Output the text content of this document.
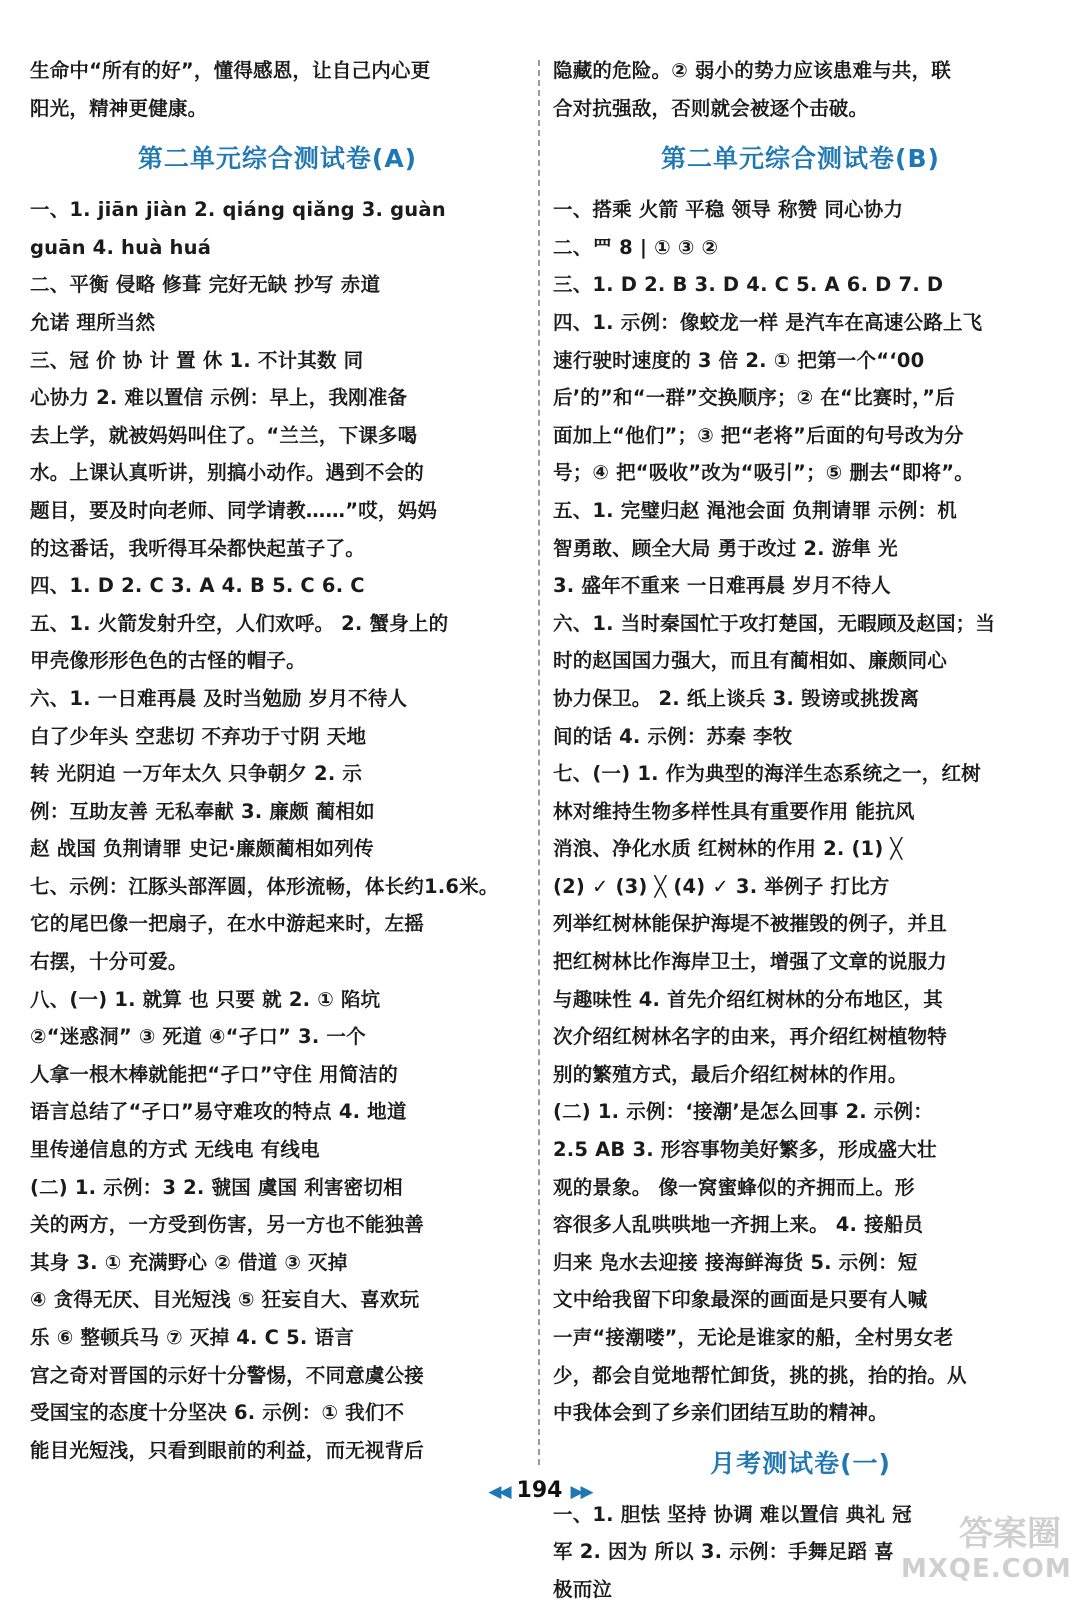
生命中“所有的好”，懂得感恩，让自己内心更
阳光，精神更健康。
第二单元综合测试卷(A)
一、1. jiān jiàn 2. qiáng qiǎng 3. guàn
guān 4. huà huá
二、平衡 侵略 修葺 完好无缺 抄写 赤道
允诺 理所当然
三、冠 价 协 计 置 休 1. 不计其数 同
心协力 2. 难以置信 示例：早上，我刚准备
去上学，就被妈妈叫住了。“兰兰，下课多喝
水。上课认真听讲，别搞小动作。遇到不会的
题目，要及时向老师、同学请教……”哎，妈妈
的这番话，我听得耳朵都快起茧子了。
四、1. D 2. C 3. A 4. B 5. C 6. C
五、1. 火箭发射升空，人们欢呼。 2. 蟹身上的
甲壳像形形色色的古怪的帽子。
六、1. 一日难再晨 及时当勉励 岁月不待人
白了少年头 空悲切 不弃功于寸阴 天地
转 光阴迫 一万年太久 只争朝夕 2. 示
例：互助友善 无私奉献 3. 廉颇 蔺相如
赵 战国 负荆请罪 史记·廉颇蔺相如列传
七、示例：江豚头部浑圆，体形流畅，体长约1.6米。
它的尾巴像一把扇子，在水中游起来时，左摇
右摆，十分可爱。
八、(一) 1. 就算 也 只要 就 2. ① 陷坑
②“迷惑洞” ③ 死道 ④“孑口” 3. 一个
人拿一根木棒就能把“孑口”守住 用简洁的
语言总结了“孑口”易守难攻的特点 4. 地道
里传递信息的方式 无线电 有线电
(二) 1. 示例：3 2. 虢国 虞国 利害密切相
关的两方，一方受到伤害，另一方也不能独善
其身 3. ① 充满野心 ② 借道 ③ 灭掉
④ 贪得无厌、目光短浅 ⑤ 狂妄自大、喜欢玩
乐 ⑥ 整顿兵马 ⑦ 灭掉 4. C 5. 语言
宫之奇对晋国的示好十分警惕，不同意虞公接
受国宝的态度十分坚决 6. 示例：① 我们不
能目光短浅，只看到眼前的利益，而无视背后
隐藏的危险。② 弱小的势力应该患难与共，联
合对抗强敌，否则就会被逐个击破。
第二单元综合测试卷(B)
一、搭乘 火箭 平稳 领导 称赞 同心协力
二、罒 8 | ① ③ ②
三、1. D 2. B 3. D 4. C 5. A 6. D 7. D
四、1. 示例：像蛟龙一样 是汽车在高速公路上飞
速行驶时速度的 3 倍 2. ① 把第一个“‘00
后’的”和“一群”交换顺序；② 在“比赛时，”后
面加上“他们”；③ 把“老将”后面的句号改为分
号；④ 把“吸收”改为“吸引”；⑤ 删去“即将”。
五、1. 完璧归赵 渑池会面 负荆请罪 示例：机
智勇敢、顾全大局 勇于改过 2. 游隼 光
3. 盛年不重来 一日难再晨 岁月不待人
六、1. 当时秦国忙于攻打楚国，无暇顾及赵国；当
时的赵国国力强大，而且有蔺相如、廉颇同心
协力保卫。 2. 纸上谈兵 3. 毁谤或挑拨离
间的话 4. 示例：苏秦 李牧
七、(一) 1. 作为典型的海洋生态系统之一，红树
林对维持生物多样性具有重要作用 能抗风
消浪、净化水质 红树林的作用 2. (1) ╳
(2) ✓ (3) ╳ (4) ✓ 3. 举例子 打比方
列举红树林能保护海堤不被摧毁的例子，并且
把红树林比作海岸卫士，增强了文章的说服力
与趣味性 4. 首先介绍红树林的分布地区，其
次介绍红树林名字的由来，再介绍红树植物特
别的繁殖方式，最后介绍红树林的作用。
(二) 1. 示例：‘接潮’是怎么回事 2. 示例：
2.5 AB 3. 形容事物美好繁多，形成盛大壮
观的景象。 像一窝蜜蜂似的齐拥而上。形
容很多人乱哄哄地一齐拥上来。 4. 接船员
归来 凫水去迎接 接海鲜海货 5. 示例：短
文中给我留下印象最深的画面是只要有人喊
一声“接潮喽”，无论是谁家的船，全村男女老
少，都会自觉地帮忙卸货，挑的挑，抬的抬。从
中我体会到了乡亲们团结互助的精神。
月考测试卷(一)
一、1. 胆怯 坚持 协调 难以置信 典礼 冠
军 2. 因为 所以 3. 示例：手舞足蹈 喜
极而泣
◀◀ 194 ▶▶
答案圈
MXQE.COM
